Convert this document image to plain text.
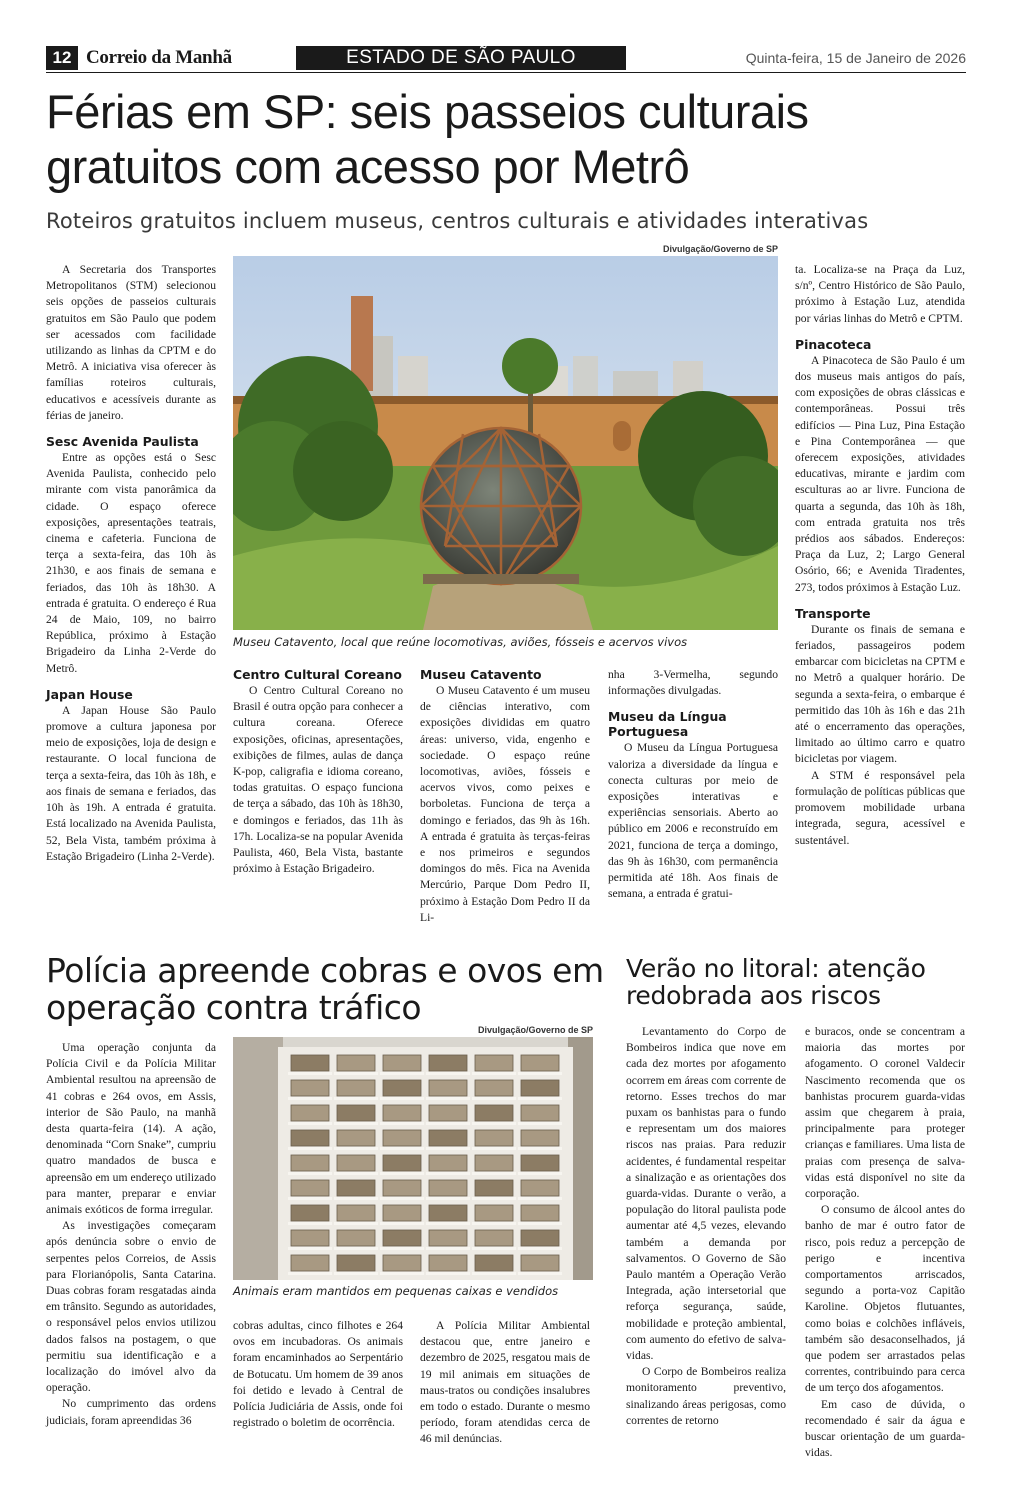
12 Correio da Manhã	ESTADO DE SÃO PAULO	Quinta-feira, 15 de Janeiro de 2026
Férias em SP: seis passeios culturais gratuitos com acesso por Metrô
Roteiros gratuitos incluem museus, centros culturais e atividades interativas
Divulgação/Governo de SP
Museu Catavento, local que reúne locomotivas, aviões, fósseis e acervos vivos

A Secretaria dos Transportes Metropolitanos (STM) selecionou seis opções de passeios culturais gratuitos em São Paulo que podem ser acessados com facilidade utilizando as linhas da CPTM e do Metrô. A iniciativa visa oferecer às famílias roteiros culturais, educativos e acessíveis durante as férias de janeiro.

Sesc Avenida Paulista

Entre as opções está o Sesc Avenida Paulista, conhecido pelo mirante com vista panorâmica da cidade. O espaço oferece exposições, apresentações teatrais, cinema e cafeteria. Funciona de terça a sexta-feira, das 10h às 21h30, e aos finais de semana e feriados, das 10h às 18h30. A entrada é gratuita. O endereço é Rua 24 de Maio, 109, no bairro República, próximo à Estação Brigadeiro da Linha 2-Verde do Metrô.

Japan House

A Japan House São Paulo promove a cultura japonesa por meio de exposições, loja de design e restaurante. O local funciona de terça a sexta-feira, das 10h às 18h, e aos finais de semana e feriados, das 10h às 19h. A entrada é gratuita. Está localizado na Avenida Paulista, 52, Bela Vista, também próxima à Estação Brigadeiro (Linha 2-Verde).

Centro Cultural Coreano

O Centro Cultural Coreano no Brasil é outra opção para conhecer a cultura coreana. Oferece exposições, oficinas, apresentações, exibições de filmes, aulas de dança K-pop, caligrafia e idioma coreano, todas gratuitas. O espaço funciona de terça a sábado, das 10h às 18h30, e domingos e feriados, das 11h às 17h. Localiza-se na popular Avenida Paulista, 460, Bela Vista, bastante próximo à Estação Brigadeiro.

Museu Catavento

O Museu Catavento é um museu de ciências interativo, com exposições divididas em quatro áreas: universo, vida, engenho e sociedade. O espaço reúne locomotivas, aviões, fósseis e acervos vivos, como peixes e borboletas. Funciona de terça a domingo e feriados, das 9h às 16h. A entrada é gratuita às terças-feiras e nos primeiros e segundos domingos do mês. Fica na Avenida Mercúrio, Parque Dom Pedro II, próximo à Estação Dom Pedro II da Li-

nha 3-Vermelha, segundo informações divulgadas.

Museu da Língua Portuguesa

O Museu da Língua Portuguesa valoriza a diversidade da língua e conecta culturas por meio de exposições interativas e experiências sensoriais. Aberto ao público em 2006 e reconstruído em 2021, funciona de terça a domingo, das 9h às 16h30, com permanência permitida até 18h. Aos finais de semana, a entrada é gratui-

ta. Localiza-se na Praça da Luz, s/nº, Centro Histórico de São Paulo, próximo à Estação Luz, atendida por várias linhas do Metrô e CPTM.

Pinacoteca

A Pinacoteca de São Paulo é um dos museus mais antigos do país, com exposições de obras clássicas e contemporâneas. Possui três edifícios — Pina Luz, Pina Estação e Pina Contemporânea — que oferecem exposições, atividades educativas, mirante e jardim com esculturas ao ar livre. Funciona de quarta a segunda, das 10h às 18h, com entrada gratuita nos três prédios aos sábados. Endereços: Praça da Luz, 2; Largo General Osório, 66; e Avenida Tiradentes, 273, todos próximos à Estação Luz.

Transporte

Durante os finais de semana e feriados, passageiros podem embarcar com bicicletas na CPTM e no Metrô a qualquer horário. De segunda a sexta-feira, o embarque é permitido das 10h às 16h e das 21h até o encerramento das operações, limitado ao último carro e quatro bicicletas por viagem.

A STM é responsável pela formulação de políticas públicas que promovem mobilidade urbana integrada, segura, acessível e sustentável.

Polícia apreende cobras e ovos em operação contra tráfico
Divulgação/Governo de SP
Animais eram mantidos em pequenas caixas e vendidos

Uma operação conjunta da Polícia Civil e da Polícia Militar Ambiental resultou na apreensão de 41 cobras e 264 ovos, em Assis, interior de São Paulo, na manhã desta quarta-feira (14). A ação, denominada “Corn Snake”, cumpriu quatro mandados de busca e apreensão em um endereço utilizado para manter, preparar e enviar animais exóticos de forma irregular.

As investigações começaram após denúncia sobre o envio de serpentes pelos Correios, de Assis para Florianópolis, Santa Catarina. Duas cobras foram resgatadas ainda em trânsito. Segundo as autoridades, o responsável pelos envios utilizou dados falsos na postagem, o que permitiu sua identificação e a localização do imóvel alvo da operação.

No cumprimento das ordens judiciais, foram apreendidas 36

cobras adultas, cinco filhotes e 264 ovos em incubadoras. Os animais foram encaminhados ao Serpentário de Botucatu. Um homem de 39 anos foi detido e levado à Central de Polícia Judiciária de Assis, onde foi registrado o boletim de ocorrência.

A Polícia Militar Ambiental destacou que, entre janeiro e dezembro de 2025, resgatou mais de 19 mil animais em situações de maus-tratos ou condições insalubres em todo o estado. Durante o mesmo período, foram atendidas cerca de 46 mil denúncias.

Verão no litoral: atenção redobrada aos riscos

Levantamento do Corpo de Bombeiros indica que nove em cada dez mortes por afogamento ocorrem em áreas com corrente de retorno. Esses trechos do mar puxam os banhistas para o fundo e representam um dos maiores riscos nas praias. Para reduzir acidentes, é fundamental respeitar a sinalização e as orientações dos guarda-vidas. Durante o verão, a população do litoral paulista pode aumentar até 4,5 vezes, elevando também a demanda por salvamentos. O Governo de São Paulo mantém a Operação Verão Integrada, ação intersetorial que reforça segurança, saúde, mobilidade e proteção ambiental, com aumento do efetivo de salva-vidas.

O Corpo de Bombeiros realiza monitoramento preventivo, sinalizando áreas perigosas, como correntes de retorno

e buracos, onde se concentram a maioria das mortes por afogamento. O coronel Valdecir Nascimento recomenda que os banhistas procurem guarda-vidas assim que chegarem à praia, principalmente para proteger crianças e familiares. Uma lista de praias com presença de salva-vidas está disponível no site da corporação.

O consumo de álcool antes do banho de mar é outro fator de risco, pois reduz a percepção de perigo e incentiva comportamentos arriscados, segundo a porta-voz Capitão Karoline. Objetos flutuantes, como boias e colchões infláveis, também são desaconselhados, já que podem ser arrastados pelas correntes, contribuindo para cerca de um terço dos afogamentos.

Em caso de dúvida, o recomendado é sair da água e buscar orientação de um guarda-vidas.
